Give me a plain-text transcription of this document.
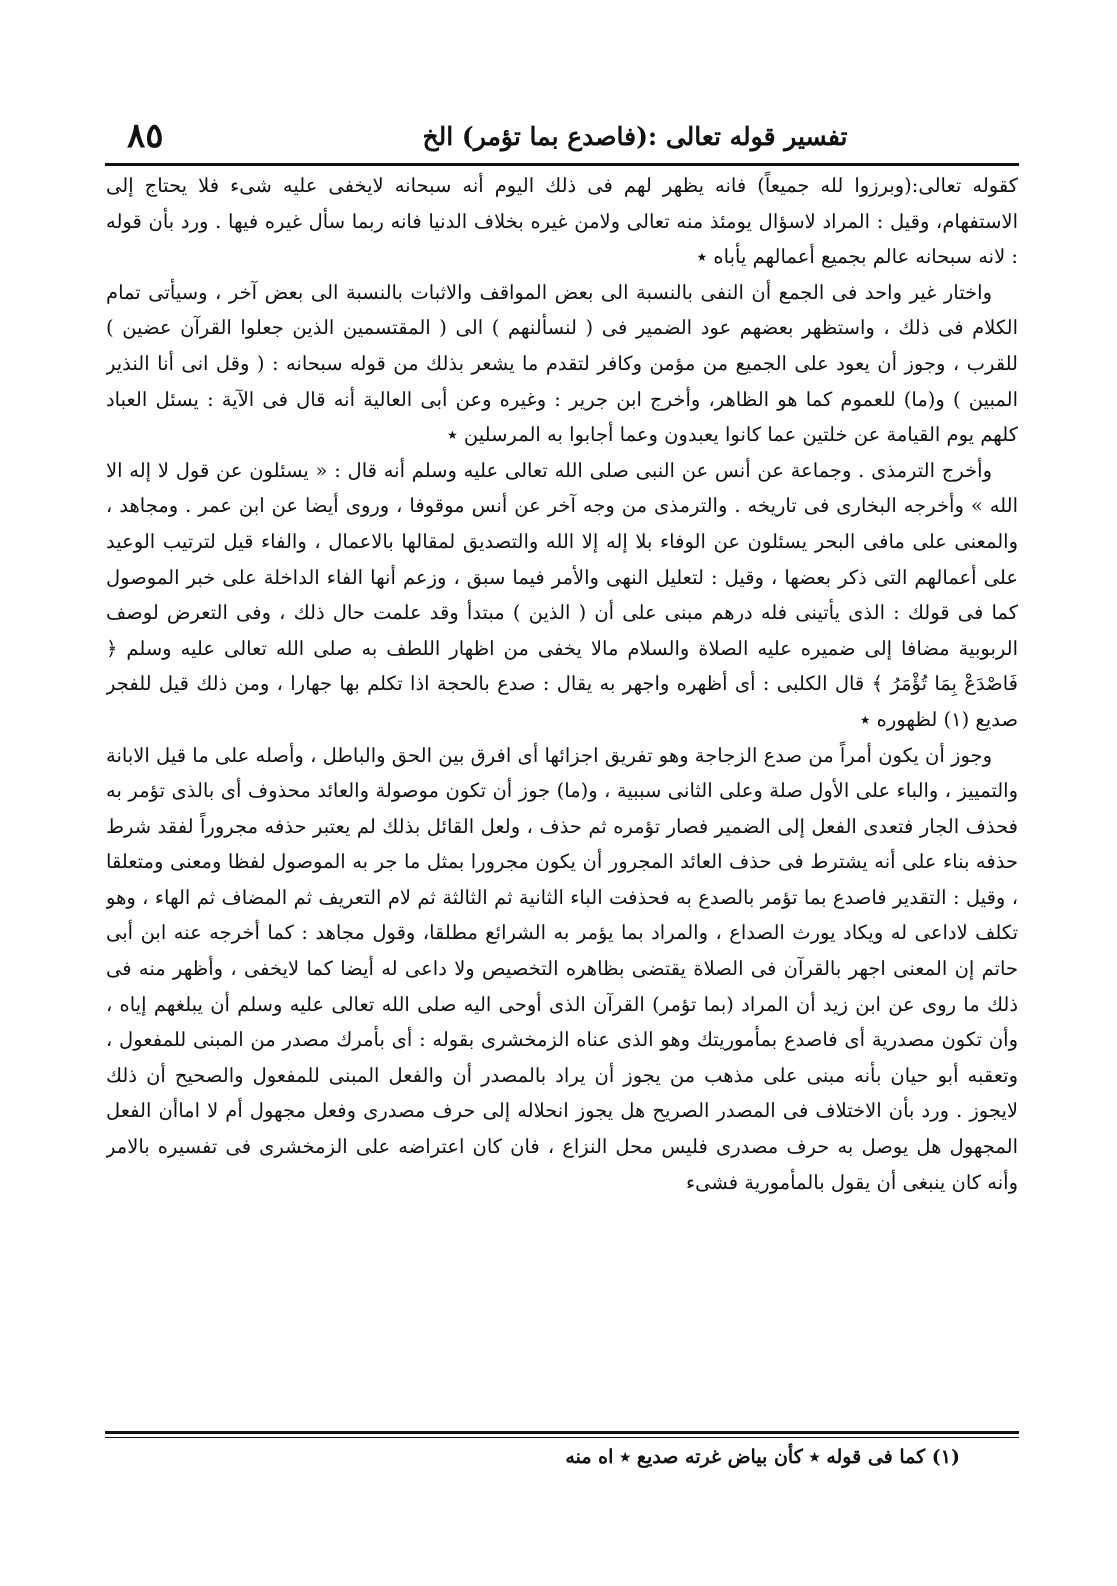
٨٥	تفسير قوله تعالى :(فاصدع بما تؤمر) الخ

كقوله تعالى:(وبرزوا لله جميعاً) فانه يظهر لهم فى ذلك اليوم أنه سبحانه لايخفى عليه شىء فلا يحتاج إلى الاستفهام، وقيل : المراد لاسؤال يومئذ منه تعالى ولامن غيره بخلاف الدنيا فانه ربما سأل غيره فيها . ورد بأن قوله : لانه سبحانه عالم بجميع أعمالهم يأباه ٭

واختار غير واحد فى الجمع أن النفى بالنسبة الى بعض المواقف والاثبات بالنسبة الى بعض آخر ، وسيأتى تمام الكلام فى ذلك ، واستظهر بعضهم عود الضمير فى ( لنسألنهم ) الى ( المقتسمين الذين جعلوا القرآن عضين ) للقرب ، وجوز أن يعود على الجميع من مؤمن وكافر لتقدم ما يشعر بذلك من قوله سبحانه : ( وقل انى أنا النذير المبين ) و(ما) للعموم كما هو الظاهر، وأخرج ابن جرير : وغيره وعن أبى العالية أنه قال فى الآية : يسئل العباد كلهم يوم القيامة عن خلتين عما كانوا يعبدون وعما أجابوا به المرسلين ٭

وأخرج الترمذى . وجماعة عن أنس عن النبى صلى الله تعالى عليه وسلم أنه قال : « يسئلون عن قول لا إله الا الله » وأخرجه البخارى فى تاريخه . والترمذى من وجه آخر عن أنس موقوفا ، وروى أيضا عن ابن عمر . ومجاهد ، والمعنى على مافى البحر يسئلون عن الوفاء بلا إله إلا الله والتصديق لمقالها بالاعمال ، والفاء قيل لترتيب الوعيد على أعمالهم التى ذكر بعضها ، وقيل : لتعليل النهى والأمر فيما سبق ، وزعم أنها الفاء الداخلة على خبر الموصول كما فى قولك : الذى يأتينى فله درهم مبنى على أن ( الذين ) مبتدأ وقد علمت حال ذلك ، وفى التعرض لوصف الربوبية مضافا إلى ضميره عليه الصلاة والسلام مالا يخفى من اظهار اللطف به صلى الله تعالى عليه وسلم ﴿ فَاصْدَعْ بِمَا تُؤْمَرُ ﴾ قال الكلبى : أى أظهره واجهر به يقال : صدع بالحجة اذا تكلم بها جهارا ، ومن ذلك قيل للفجر صديع (١) لظهوره ٭

وجوز أن يكون أمراً من صدع الزجاجة وهو تفريق اجزائها أى افرق بين الحق والباطل ، وأصله على ما قيل الابانة والتمييز ، والباء على الأول صلة وعلى الثانى سببية ، و(ما) جوز أن تكون موصولة والعائد محذوف أى بالذى تؤمر به فحذف الجار فتعدى الفعل إلى الضمير فصار تؤمره ثم حذف ، ولعل القائل بذلك لم يعتبر حذفه مجروراً لفقد شرط حذفه بناء على أنه يشترط فى حذف العائد المجرور أن يكون مجرورا بمثل ما جر به الموصول لفظا ومعنى ومتعلقا ، وقيل : التقدير فاصدع بما تؤمر بالصدع به فحذفت الباء الثانية ثم الثالثة ثم لام التعريف ثم المضاف ثم الهاء ، وهو تكلف لاداعى له ويكاد يورث الصداع ، والمراد بما يؤمر به الشرائع مطلقا، وقول مجاهد : كما أخرجه عنه ابن أبى حاتم إن المعنى اجهر بالقرآن فى الصلاة يقتضى بظاهره التخصيص ولا داعى له أيضا كما لايخفى ، وأظهر منه فى ذلك ما روى عن ابن زيد أن المراد (بما تؤمر) القرآن الذى أوحى اليه صلى الله تعالى عليه وسلم أن يبلغهم إياه ، وأن تكون مصدرية أى فاصدع بمأموريتك وهو الذى عناه الزمخشرى بقوله : أى بأمرك مصدر من المبنى للمفعول ، وتعقبه أبو حيان بأنه مبنى على مذهب من يجوز أن يراد بالمصدر أن والفعل المبنى للمفعول والصحيح أن ذلك لايجوز . ورد بأن الاختلاف فى المصدر الصريح هل يجوز انحلاله إلى حرف مصدرى وفعل مجهول أم لا اماأن الفعل المجهول هل يوصل به حرف مصدرى فليس محل النزاع ، فان كان اعتراضه على الزمخشرى فى تفسيره بالامر وأنه كان ينبغى أن يقول بالمأمورية فشىء

(١) كما فى قوله ٭ كأن بياض غرته صديع ٭ اه منه
